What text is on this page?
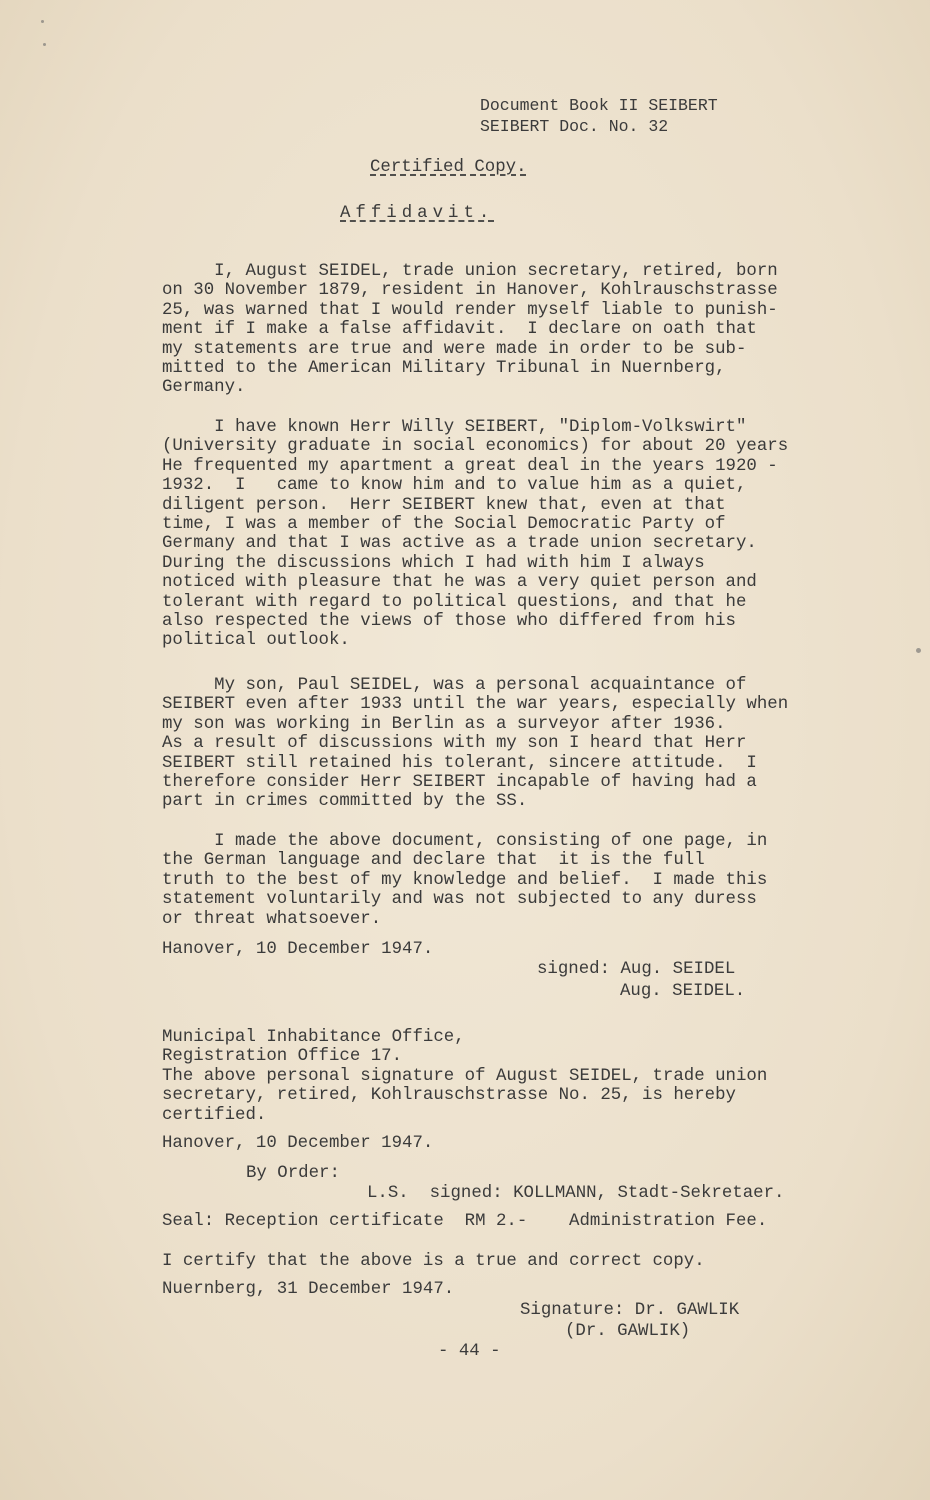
Document Book II SEIBERT
SEIBERT Doc. No. 32
Certified Copy.
Affidavit.
I, August SEIDEL, trade union secretary, retired, born
on 30 November 1879, resident in Hanover, Kohlrauschstrasse
25, was warned that I would render myself liable to punish-
ment if I make a false affidavit.  I declare on oath that
my statements are true and were made in order to be sub-
mitted to the American Military Tribunal in Nuernberg,
Germany.
I have known Herr Willy SEIBERT, "Diplom-Volkswirt"
(University graduate in social economics) for about 20 years
He frequented my apartment a great deal in the years 1920 -
1932.  I   came to know him and to value him as a quiet,
diligent person.  Herr SEIBERT knew that, even at that
time, I was a member of the Social Democratic Party of
Germany and that I was active as a trade union secretary.
During the discussions which I had with him I always
noticed with pleasure that he was a very quiet person and
tolerant with regard to political questions, and that he
also respected the views of those who differed from his
political outlook.
My son, Paul SEIDEL, was a personal acquaintance of
SEIBERT even after 1933 until the war years, especially when
my son was working in Berlin as a surveyor after 1936.
As a result of discussions with my son I heard that Herr
SEIBERT still retained his tolerant, sincere attitude.  I
therefore consider Herr SEIBERT incapable of having had a
part in crimes committed by the SS.
I made the above document, consisting of one page, in
the German language and declare that  it is the full
truth to the best of my knowledge and belief.  I made this
statement voluntarily and was not subjected to any duress
or threat whatsoever.
Hanover, 10 December 1947.
signed: Aug. SEIDEL
Aug. SEIDEL.
Municipal Inhabitance Office,
Registration Office 17.
The above personal signature of August SEIDEL, trade union
secretary, retired, Kohlrauschstrasse No. 25, is hereby
certified.
Hanover, 10 December 1947.
By Order:
L.S.  signed: KOLLMANN, Stadt-Sekretaer.
Seal: Reception certificate  RM 2.-    Administration Fee.
I certify that the above is a true and correct copy.
Nuernberg, 31 December 1947.
Signature: Dr. GAWLIK
(Dr. GAWLIK)
- 44 -
